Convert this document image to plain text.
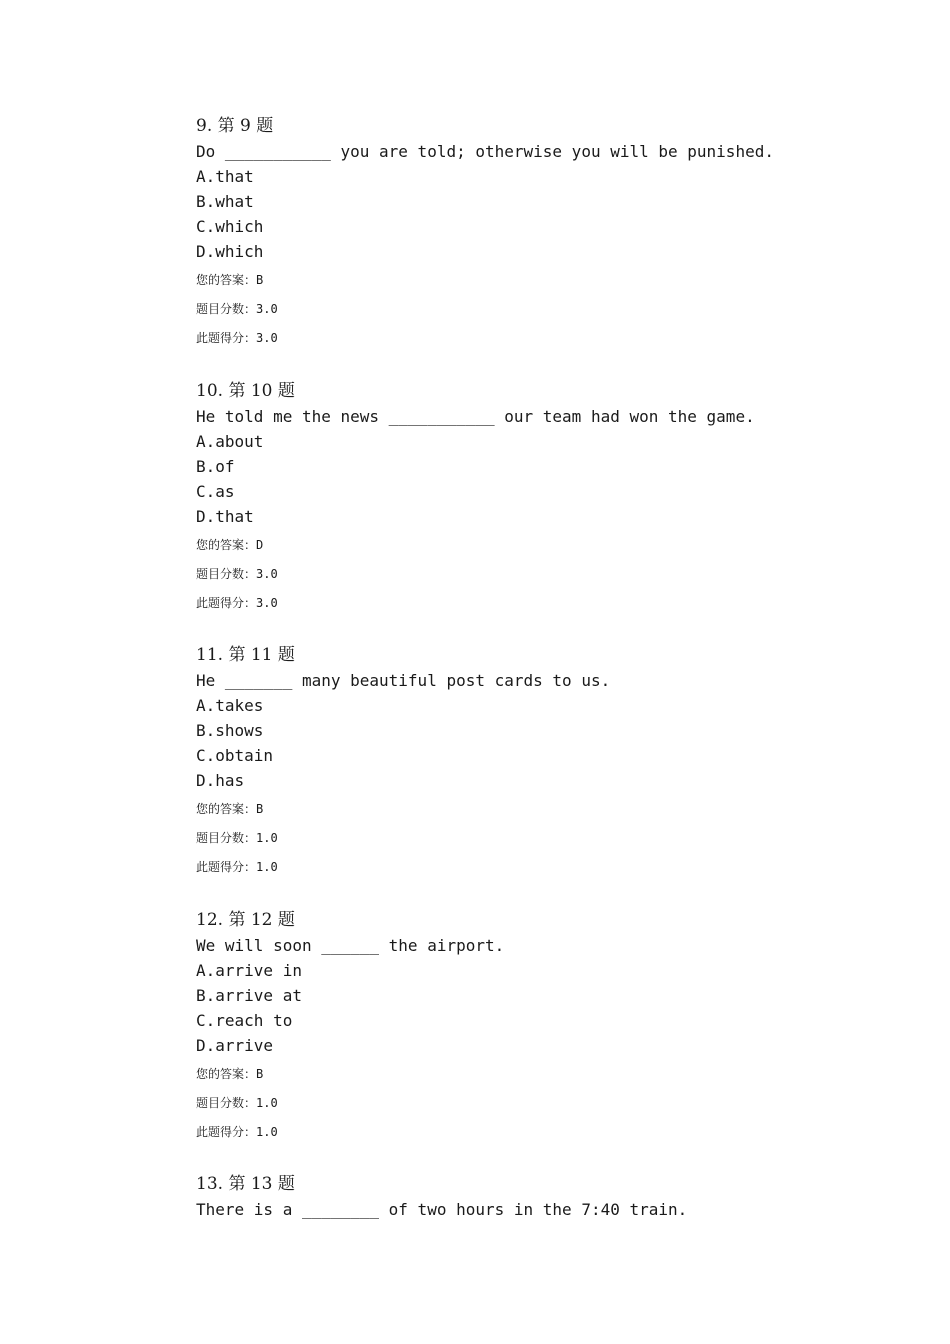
9. 第 9 题
Do ___________ you are told; otherwise you will be punished.
A.that
B.what
C.which
D.which
您的答案：B
题目分数：3.0
此题得分：3.0
10. 第 10 题
He told me the news ___________ our team had won the game.
A.about
B.of
C.as
D.that
您的答案：D
题目分数：3.0
此题得分：3.0
11. 第 11 题
He _______ many beautiful post cards to us.
A.takes
B.shows
C.obtain
D.has
您的答案：B
题目分数：1.0
此题得分：1.0
12. 第 12 题
We will soon ______ the airport.
A.arrive in
B.arrive at
C.reach to
D.arrive
您的答案：B
题目分数：1.0
此题得分：1.0
13. 第 13 题
There is a ________ of two hours in the 7:40 train.
